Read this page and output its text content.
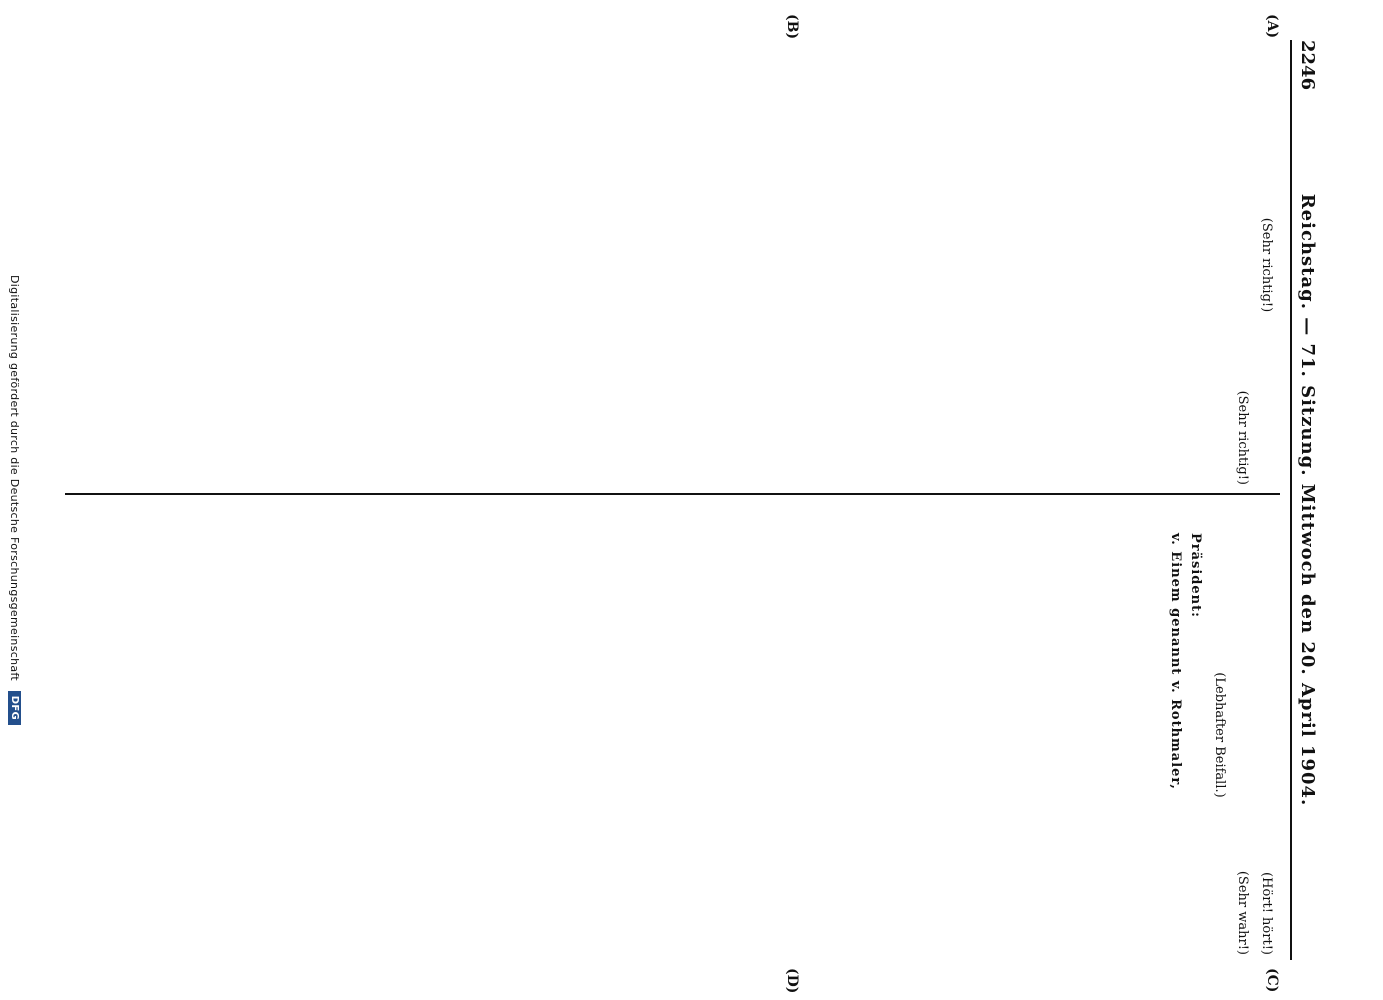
2246
Reichstag. — 71. Sitzung. Mittwoch den 20. April 1904.
(A)
(B)
(C)
(D)

(Sehr richtig!)

(Sehr richtig!)

(Hört! hört!)

(Sehr wahr!)

(Lebhafter Beifall.)

Präsident:

v. Einem genannt v. Rothmaler,

Digitalisierung gefördert durch die Deutsche Forschungsgemeinschaft DFG
